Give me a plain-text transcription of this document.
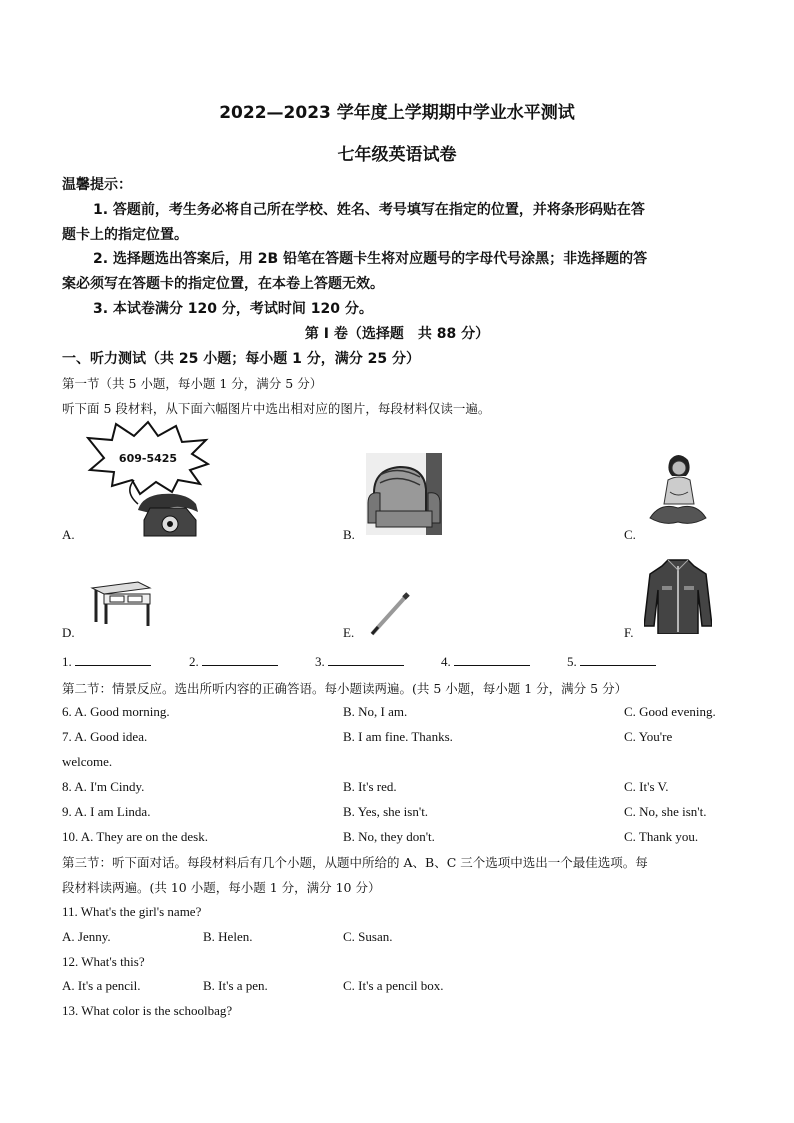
2022—2023 学年度上学期期中学业水平测试
七年级英语试卷
温馨提示：
1. 答题前，考生务必将自己所在学校、姓名、考号填写在指定的位置，并将条形码贴在答
题卡上的指定位置。
2. 选择题选出答案后，用 2B 铅笔在答题卡生将对应题号的字母代号涂黑；非选择题的答
案必须写在答题卡的指定位置，在本卷上答题无效。
3. 本试卷满分 120 分，考试时间 120 分。
第 I 卷（选择题　共 88 分）
一、听力测试（共 25 小题；每小题 1 分，满分 25 分）
第一节（共 5 小题，每小题 1 分，满分 5 分）
听下面 5 段材料，从下面六幅图片中选出相对应的图片，每段材料仅读一遍。
609-5425
A.	B.	C.
D.	E.	F.
1.	2.	3.	4.	5.
第二节：情景反应。选出所听内容的正确答语。每小题读两遍。(共 5 小题，每小题 1 分，满分 5 分）
6. A. Good morning.	B. No, I am.	C. Good evening.
7. A. Good idea.	B. I am fine. Thanks.	C. You're
welcome.
8. A. I'm Cindy.	B. It's red.	C. It's V.
9. A. I am Linda.	B. Yes, she isn't.	C. No, she isn't.
10. A. They are on the desk.	B. No, they don't.	C. Thank you.
第三节：听下面对话。每段材料后有几个小题，从题中所给的 A、B、C 三个选项中选出一个最佳选项。每
段材料读两遍。(共 10 小题，每小题 1 分，满分 10 分）
11. What's the girl's name?
A. Jenny.	B. Helen.	C. Susan.
12. What's this?
A. It's a pencil.	B. It's a pen.	C. It's a pencil box.
13. What color is the schoolbag?
